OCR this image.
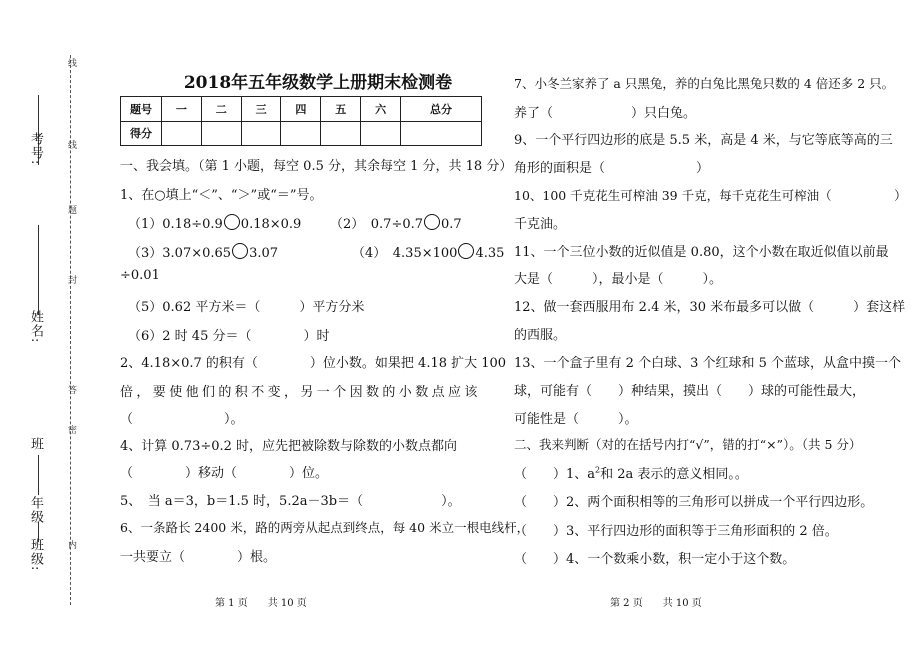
考号:
姓名:
班
年级
班级:
线
线
题
封
答
密
内
2018年五年级数学上册期末检测卷
题号	一	二	三	四	五	六	总分
得分							
一、我会填。（第 1 小题，每空 0.5 分，其余每空 1 分，共 18 分）
1、在○填上“＜”、“＞”或“＝”号。
（1）0.18÷0.9 0.18×0.9 （2）　0.7÷0.7 0.7
（3）3.07×0.65 3.07	（4）　4.35×100 4.35
÷0.01
（5）0.62 平方米＝（　　　）平方分米
（6）2 时 45 分＝（　　　　）时
2、4.18×0.7 的积有（　　　　）位小数。如果把 4.18 扩大 100
倍，要使他们的积不变，另一个因数的小数点应该
（　　　　　　　）。
4、计算 0.73÷0.2 时，应先把被除数与除数的小数点都向
（　　　　）移动（　　　　）位。
5、　当 a＝3，b＝1.5 时，5.2a－3b＝（　　　　　　）。
6、一条路长 2400 米，路的两旁从起点到终点，每 40 米立一根电线杆，
一共要立（　　　　）根。
第 1 页　　共 10 页
7、小冬兰家养了 a 只黑兔，养的白兔比黑兔只数的 4 倍还多 2 只。
养了（　　　　　　）只白兔。
9、一个平行四边形的底是 5.5 米，高是 4 米，与它等底等高的三
角形的面积是（　　　　　　　）
10、100 千克花生可榨油 39 千克，每千克花生可榨油（　　　　　）
千克油。
11、一个三位小数的近似值是 0.80，这个小数在取近似值以前最
大是（　　　），最小是（　　　）。
12、做一套西服用布 2.4 米，30 米布最多可以做（　　　）套这样
的西服。
13、一个盒子里有 2 个白球、3 个红球和 5 个蓝球，从盒中摸一个
球，可能有（　　）种结果，摸出（　　）球的可能性最大，
可能性是（　　　）。
二、我来判断（对的在括号内打“√”，错的打“×”）。（共 5 分）
（　　）1、$a^2$和 2a 表示的意义相同。。
（　　）2、两个面积相等的三角形可以拼成一个平行四边形。
（　　）3、平行四边形的面积等于三角形面积的 2 倍。
（　　）4、一个数乘小数，积一定小于这个数。
第 2 页　　共 10 页
